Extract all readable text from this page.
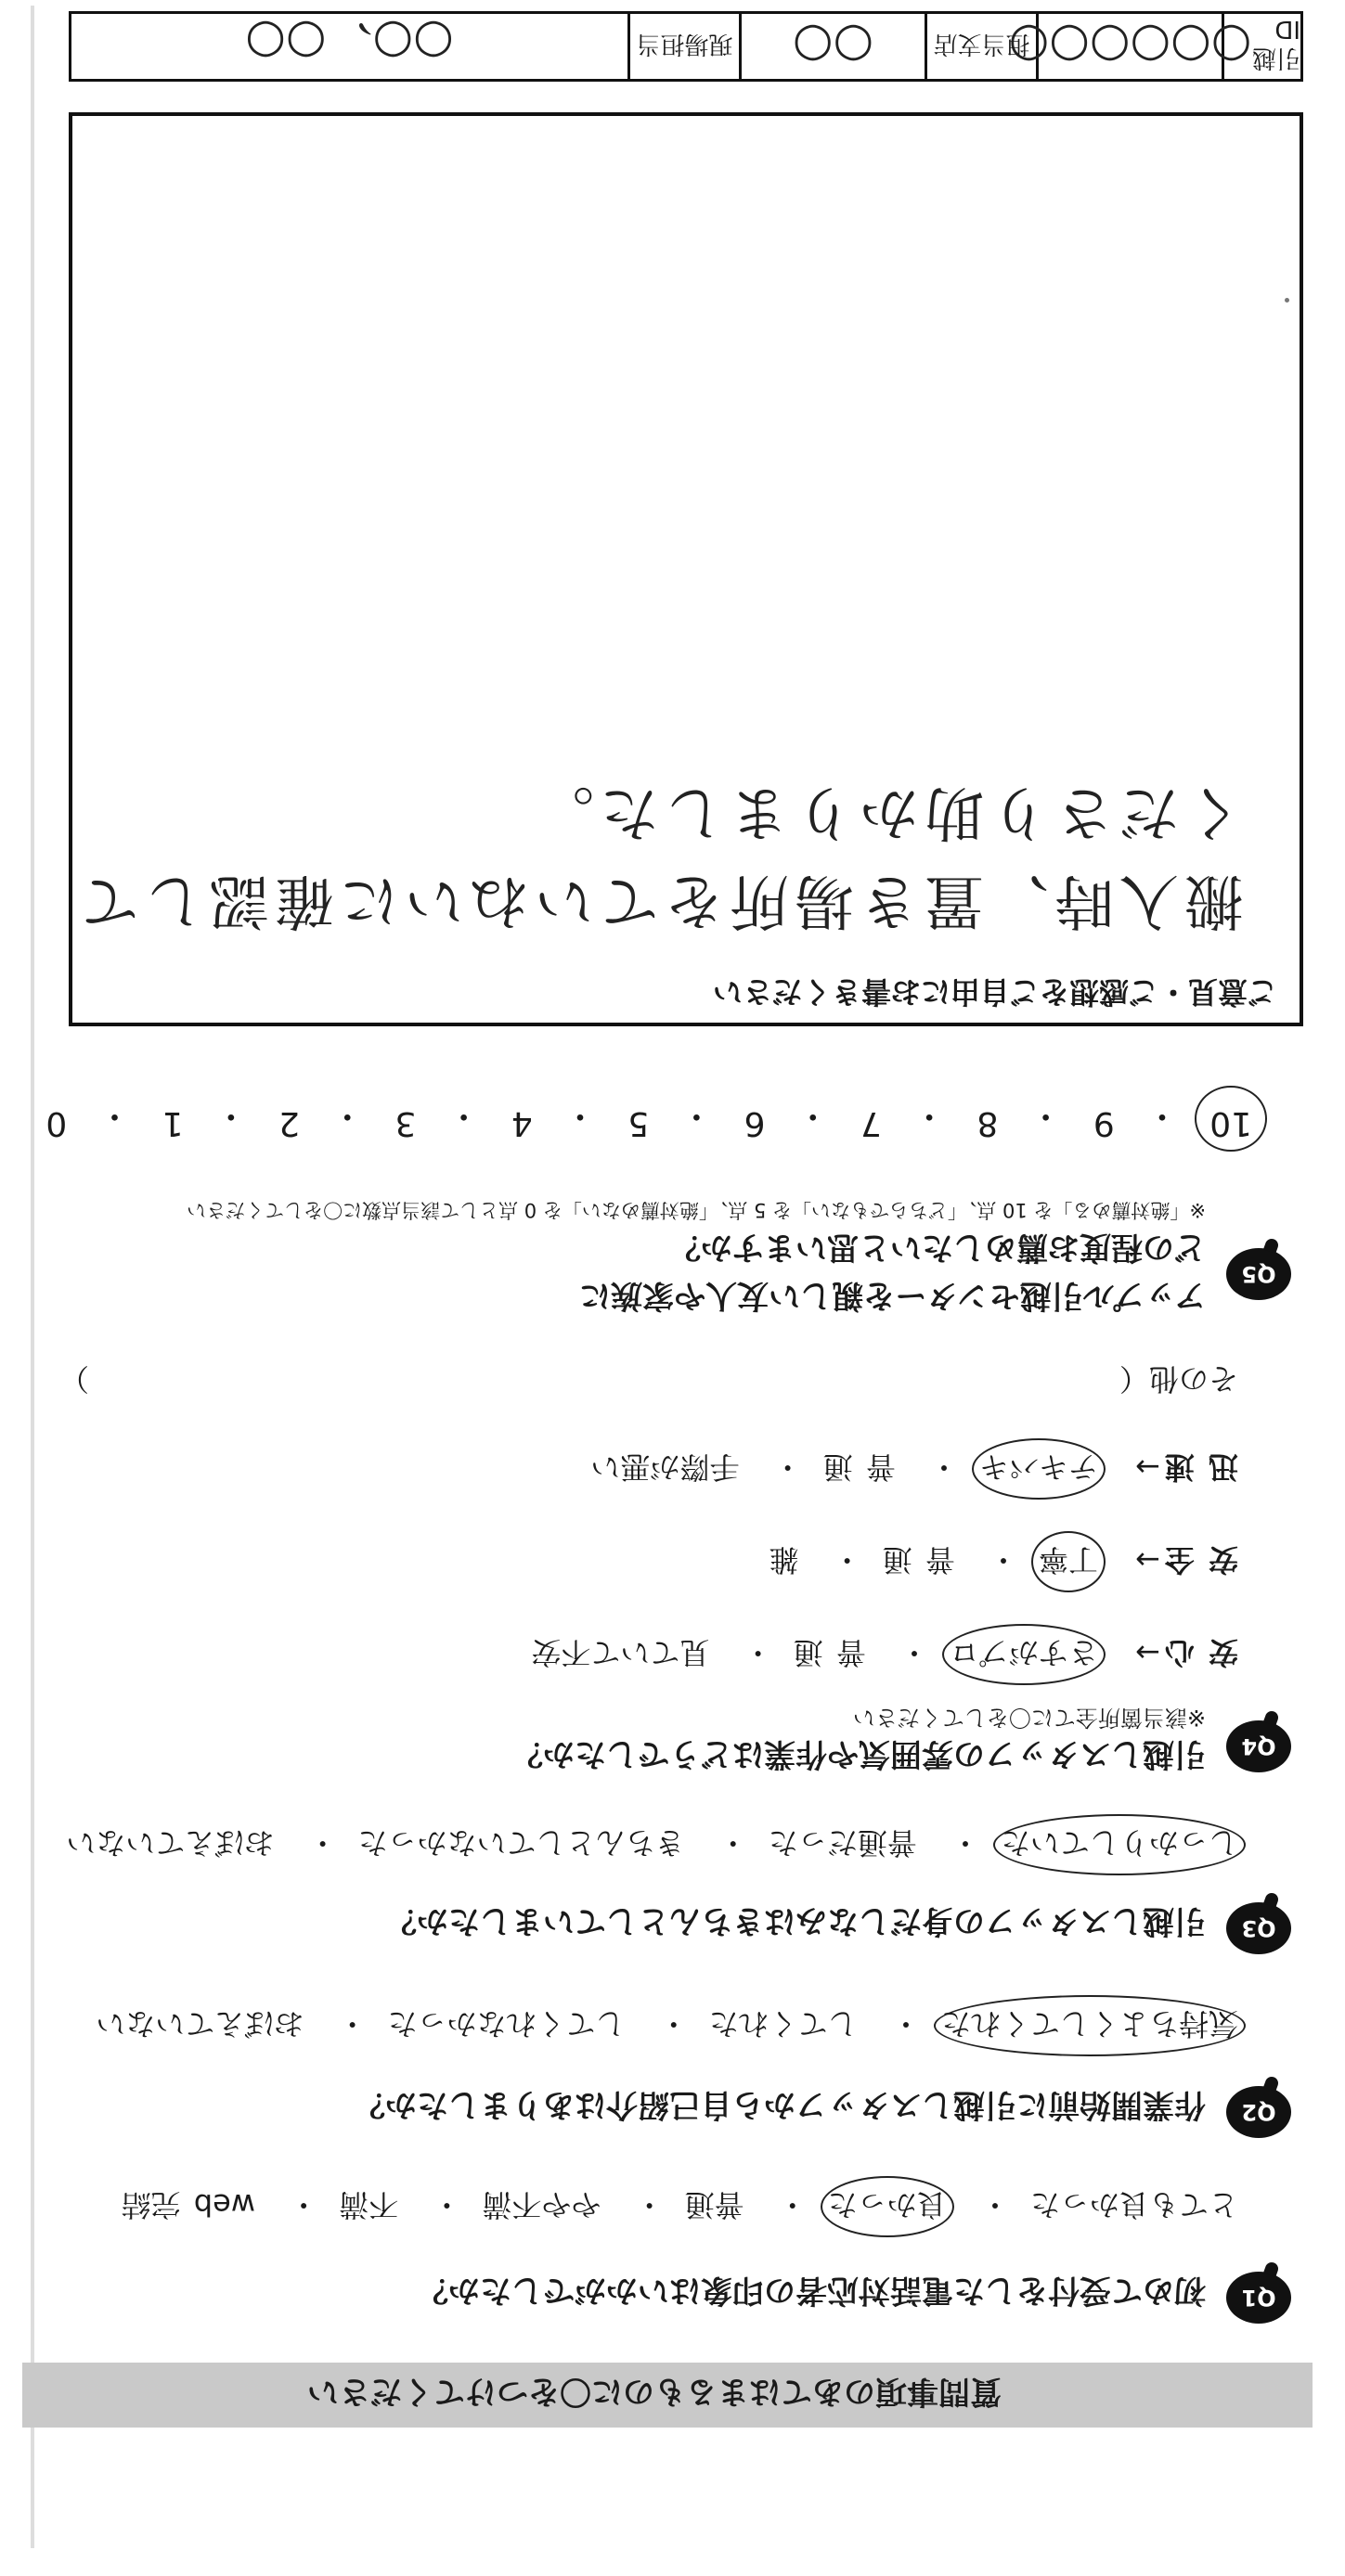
質問事項のあてはまるものに〇をつけてください
Q1
初めて受付をした電話対応者の印象はいかがでしたか？
とても良かった・ 良かった・ 普通・ やや不満・ 不満・ web 完結
Q2
作業開始前に引越しスタッフから自己紹介はありましたか？
気持ちよくしてくれた・ してくれた・ してくれなかった・ おぼえていない
Q3
引越しスタッフの身だしなみはきちんとしていましたか？
しっかりしていた・ 普通だった・ きちんとしていなかった・ おぼえていない
Q4
引越しスタッフの雰囲気や作業はどうでしたか？
※該当箇所全てに〇をしてください
安 心→ さすがプロ・ 普 通・ 見ていて不安
安 全→ 丁寧・ 普 通・ 雑
迅 速→ テキパキ・ 普 通・ 手際が悪い
その他（
）
Q5
アップル引越センターを親しい友人や家族に
どの程度お薦めしたいと思いますか？
※「絶対薦める」を 10 点、「どちらでもない」を 5 点、「絶対薦めない」を 0 点として該当点数に〇をしてください
10
・
9
・
8
・
7
・
6
・
5
・
4
・
3
・
2
・
1
・
0
ご意見・ご感想をご自由にお書きください
搬入時、置き場所をていねいに確認して
くださり助かりました。
引越 ID
○○○○○○
担当支店
○○
現場担当
○○、○○
